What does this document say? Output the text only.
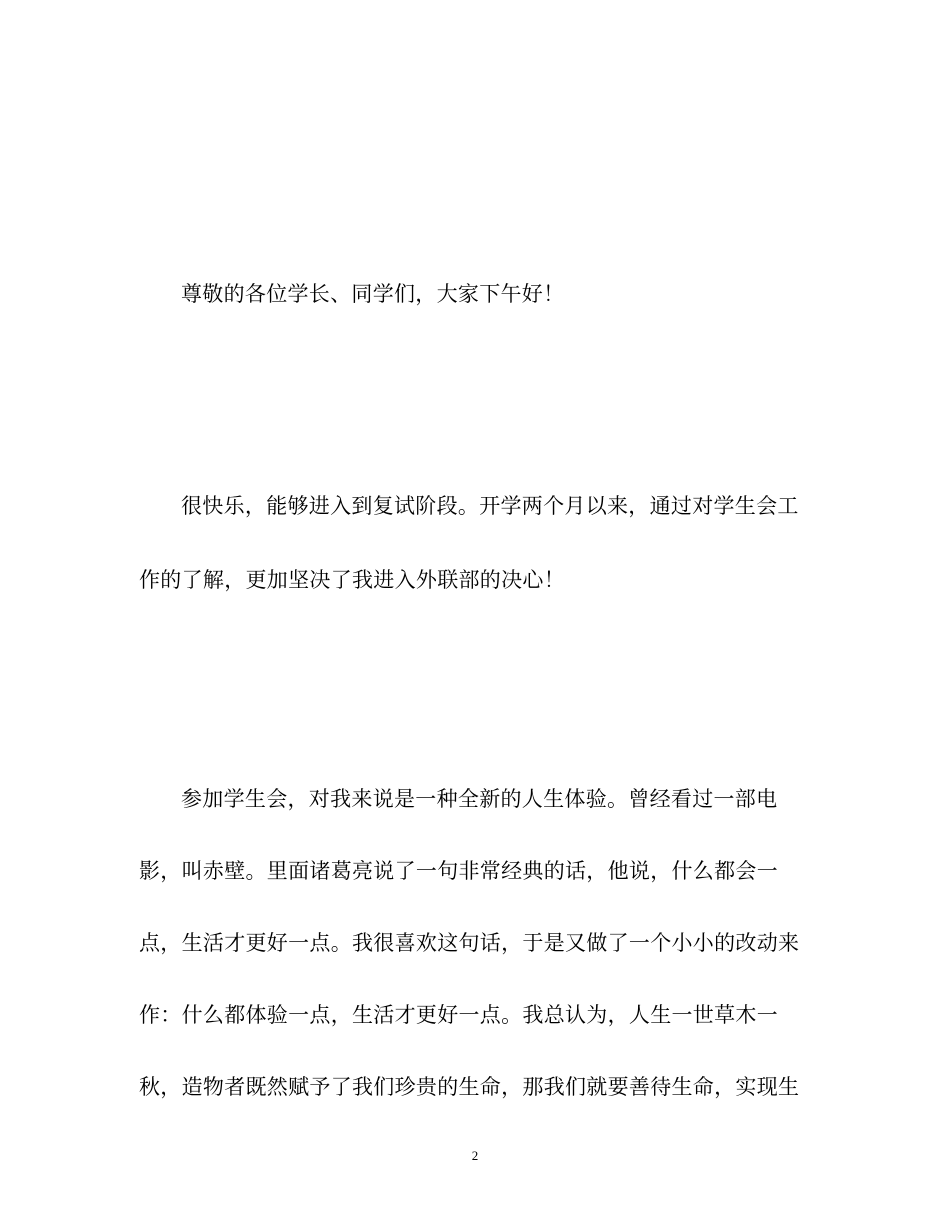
尊敬的各位学长、同学们，大家下午好！
很快乐，能够进入到复试阶段。开学两个月以来，通过对学生会工
作的了解，更加坚决了我进入外联部的决心！
参加学生会，对我来说是一种全新的人生体验。曾经看过一部电
影，叫赤壁。里面诸葛亮说了一句非常经典的话，他说，什么都会一
点，生活才更好一点。我很喜欢这句话，于是又做了一个小小的改动来
作：什么都体验一点，生活才更好一点。我总认为，人生一世草木一
秋，造物者既然赋予了我们珍贵的生命，那我们就要善待生命，实现生
2
